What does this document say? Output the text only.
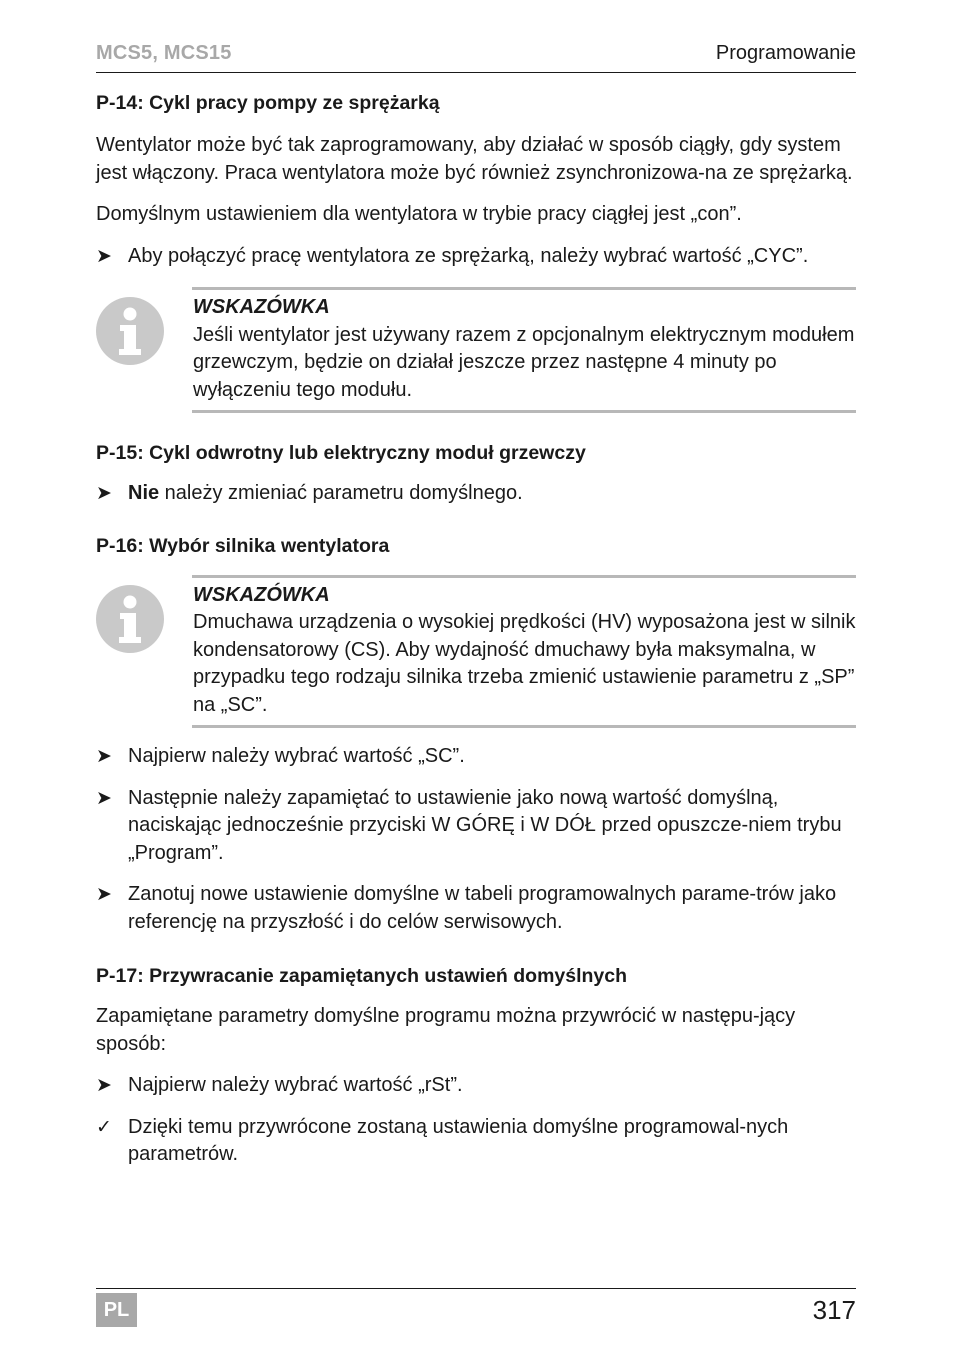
MCS5, MCS15	Programowanie
P-14: Cykl pracy pompy ze sprężarką

Wentylator może być tak zaprogramowany, aby działać w sposób ciągły, gdy system jest włączony. Praca wentylatora może być również zsynchronizowa-na ze sprężarką.

Domyślnym ustawieniem dla wentylatora w trybie pracy ciągłej jest „con”.

➤ Aby połączyć pracę wentylatora ze sprężarką, należy wybrać wartość „CYC”.
WSKAZÓWKA
Jeśli wentylator jest używany razem z opcjonalnym elektrycznym modułem grzewczym, będzie on działał jeszcze przez następne 4 minuty po wyłączeniu tego modułu.
P-15: Cykl odwrotny lub elektryczny moduł grzewczy
➤ Nie należy zmieniać parametru domyślnego.
P-16: Wybór silnika wentylatora
WSKAZÓWKA
Dmuchawa urządzenia o wysokiej prędkości (HV) wyposażona jest w silnik kondensatorowy (CS). Aby wydajność dmuchawy była maksymalna, w przypadku tego rodzaju silnika trzeba zmienić ustawienie parametru z „SP” na „SC”.
➤ Najpierw należy wybrać wartość „SC”.
➤ Następnie należy zapamiętać to ustawienie jako nową wartość domyślną, naciskając jednocześnie przyciski W GÓRĘ i W DÓŁ przed opuszcze-niem trybu „Program”.
➤ Zanotuj nowe ustawienie domyślne w tabeli programowalnych parame-trów jako referencję na przyszłość i do celów serwisowych.
P-17: Przywracanie zapamiętanych ustawień domyślnych

Zapamiętane parametry domyślne programu można przywrócić w następu-jący sposób:

➤ Najpierw należy wybrać wartość „rSt”.
✓ Dzięki temu przywrócone zostaną ustawienia domyślne programowal-nych parametrów.
PL	317
